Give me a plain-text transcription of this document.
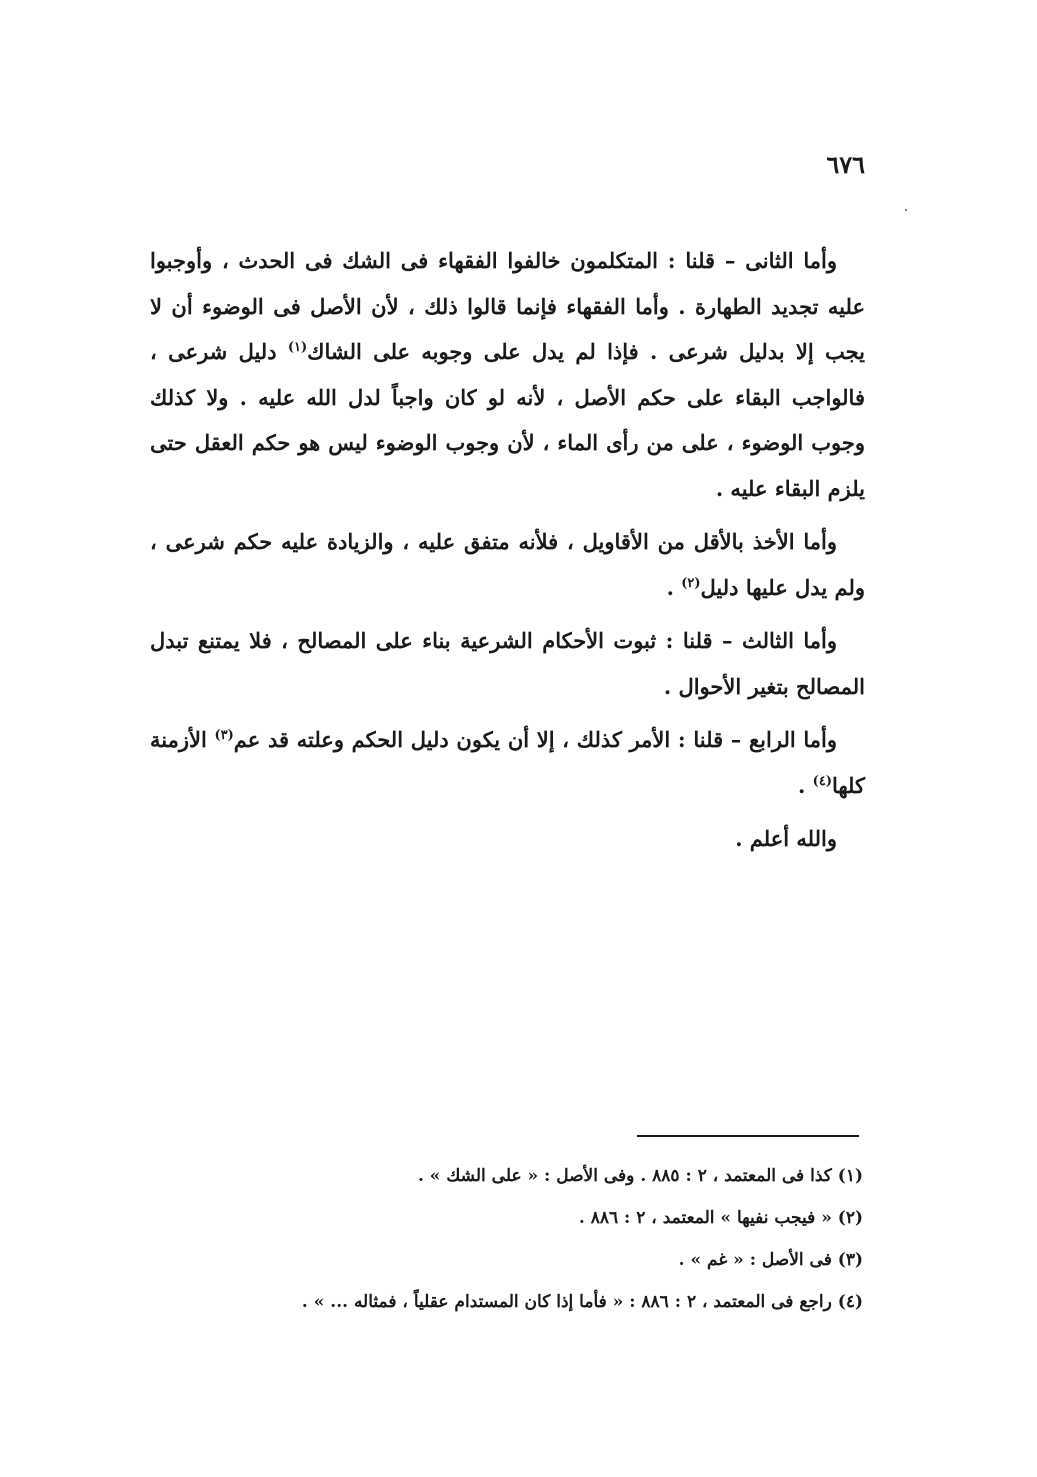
٦٧٦

وأما الثانى – قلنا : المتكلمون خالفوا الفقهاء فى الشك فى الحدث ، وأوجبوا عليه تجديد الطهارة . وأما الفقهاء فإنما قالوا ذلك ، لأن الأصل فى الوضوء أن لا يجب إلا بدليل شرعى . فإذا لم يدل على وجوبه على الشاك$^{(١)}$ دليل شرعى ، فالواجب البقاء على حكم الأصل ، لأنه لو كان واجباً لدل الله عليه . ولا كذلك وجوب الوضوء ، على من رأى الماء ، لأن وجوب الوضوء ليس هو حكم العقل حتى يلزم البقاء عليه .

وأما الأخذ بالأقل من الأقاويل ، فلأنه متفق عليه ، والزيادة عليه حكم شرعى ، ولم يدل عليها دليل$^{(٢)}$ .

وأما الثالث – قلنا : ثبوت الأحكام الشرعية بناء على المصالح ، فلا يمتنع تبدل المصالح بتغير الأحوال .

وأما الرابع – قلنا : الأمر كذلك ، إلا أن يكون دليل الحكم وعلته قد عم$^{(٣)}$ الأزمنة كلها$^{(٤)}$ .

والله أعلم .

(١) كذا فى المعتمد ، ٢ : ٨٨٥ . وفى الأصل : « على الشك » .

(٢) « فيجب نفيها » المعتمد ، ٢ : ٨٨٦ .

(٣) فى الأصل : « غم » .

(٤) راجع فى المعتمد ، ٢ : ٨٨٦ : « فأما إذا كان المستدام عقلياً ، فمثاله ... » .
